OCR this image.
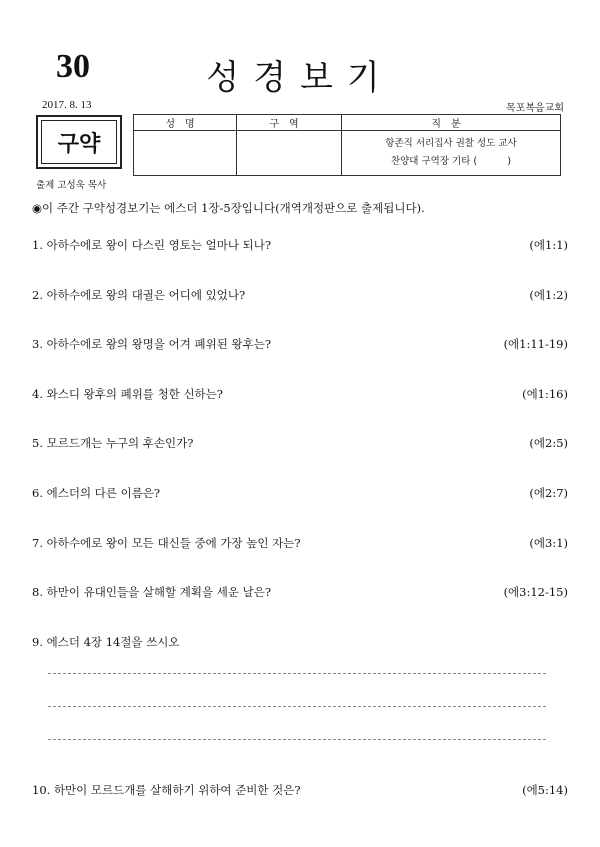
30	성경보기
2017. 8. 13	목포복음교회
구약
출제 고성욱 목사
성명	구역	직분

		항존직 서리집사 권찰 성도 교사
찬양대 구역장 기타 (          )
◉이 주간 구약성경보기는 에스더 1장-5장입니다(개역개정판으로 출제됩니다).
1. 아하수에로 왕이 다스린 영토는 얼마나 되나?	(에1:1)
2. 아하수에로 왕의 대궐은 어디에 있었나?	(에1:2)
3. 아하수에로 왕의 왕명을 어겨 폐위된 왕후는?	(에1:11-19)
4. 와스디 왕후의 폐위를 청한 신하는?	(에1:16)
5. 모르드개는 누구의 후손인가?	(에2:5)
6. 에스더의 다른 이름은?	(에2:7)
7. 아하수에로 왕이 모든 대신들 중에 가장 높인 자는?	(에3:1)
8. 하만이 유대인들을 살해할 계획을 세운 날은?	(에3:12-15)
9. 에스더 4장 14절을 쓰시오
10. 하만이 모르드개를 살해하기 위하여 준비한 것은?	(에5:14)
